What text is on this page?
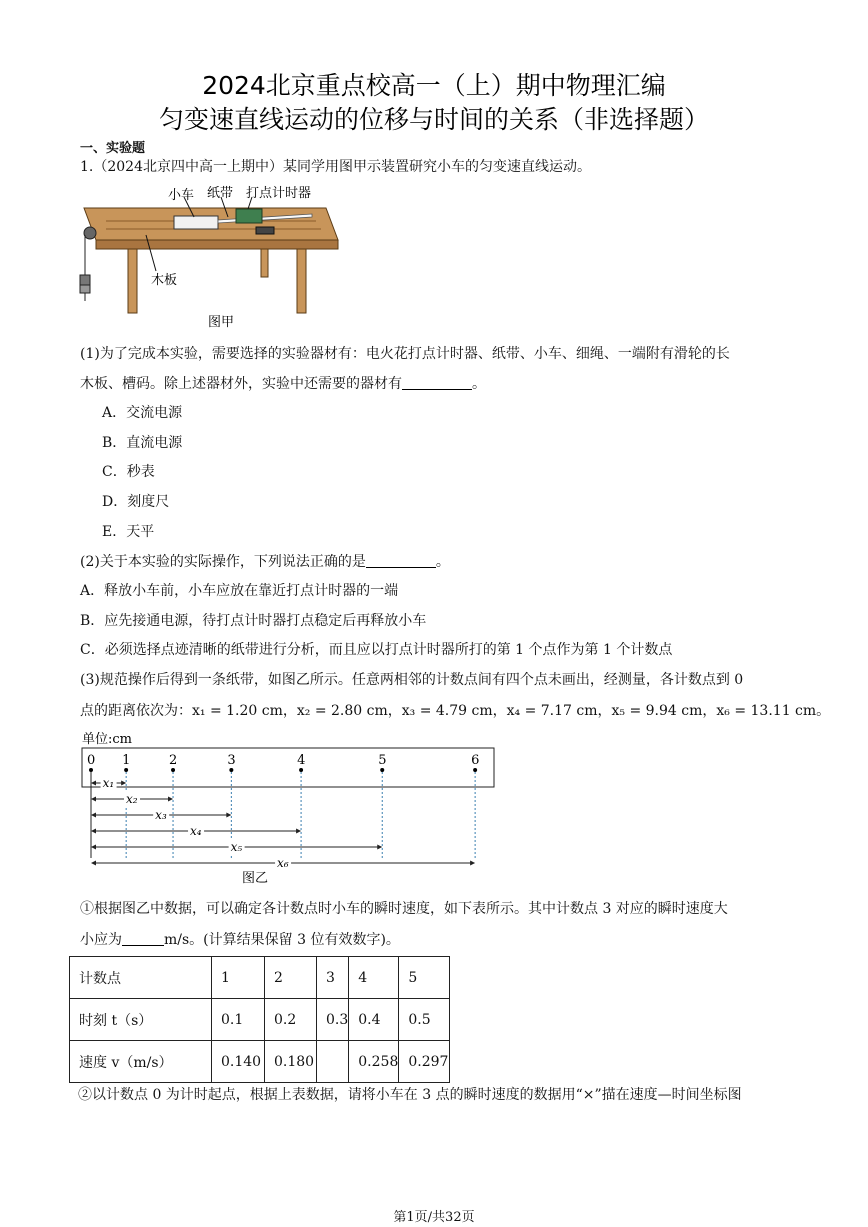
2024北京重点校高一（上）期中物理汇编
匀变速直线运动的位移与时间的关系（非选择题）
一、实验题
1.（2024北京四中高一上期中）某同学用图甲示装置研究小车的匀变速直线运动。
小车 纸带 打点计时器
木板
图甲
(1)为了完成本实验，需要选择的实验器材有：电火花打点计时器、纸带、小车、细绳、一端附有滑轮的长
木板、槽码。除上述器材外，实验中还需要的器材有	。
A．交流电源
B．直流电源
C．秒表
D．刻度尺
E．天平
(2)关于本实验的实际操作，下列说法正确的是	。
A．释放小车前，小车应放在靠近打点计时器的一端
B．应先接通电源，待打点计时器打点稳定后再释放小车
C．必须选择点迹清晰的纸带进行分析，而且应以打点计时器所打的第 1 个点作为第 1 个计数点
(3)规范操作后得到一条纸带，如图乙所示。任意两相邻的计数点间有四个点未画出，经测量，各计数点到 0
点的距离依次为：x₁ = 1.20 cm，x₂ = 2.80 cm，x₃ = 4.79 cm，x₄ = 7.17 cm，x₅ = 9.94 cm，x₆ = 13.11 cm。
单位:cm
0 1	2	3	4	5	6
x₁
x₂
x₃
x₄
x₅
x₆
图乙
①根据图乙中数据，可以确定各计数点时小车的瞬时速度，如下表所示。其中计数点 3 对应的瞬时速度大
小应为	m/s。(计算结果保留 3 位有效数字)。
计数点	1	2	3	4	5
时刻 t（s）	0.1	0.2	0.3	0.4	0.5
速度 v（m/s）	0.140	0.180		0.258	0.297
②以计数点 0 为计时起点，根据上表数据，请将小车在 3 点的瞬时速度的数据用“×”描在速度—时间坐标图
第1页/共32页
